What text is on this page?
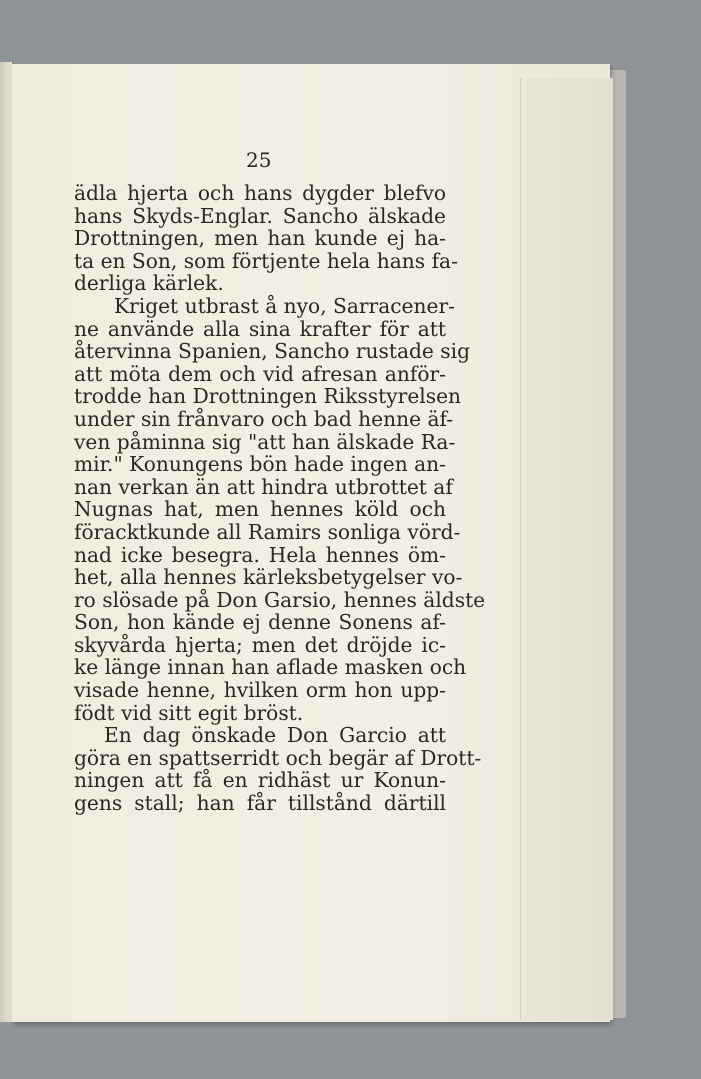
25
ädla hjerta och hans dygder blefvo
hans Skyds-Englar. Sancho älskade
Drottningen, men han kunde ej ha-
ta en Son, som förtjente hela hans fa-
derliga kärlek.
Kriget utbrast å nyo, Sarracener-
ne använde alla sina krafter för att
återvinna Spanien, Sancho rustade sig
att möta dem och vid afresan anför-
trodde han Drottningen Riksstyrelsen
under sin frånvaro och bad henne äf-
ven påminna sig "att han älskade Ra-
mir." Konungens bön hade ingen an-
nan verkan än att hindra utbrottet af
Nugnas hat, men hennes köld och
föracktkunde all Ramirs sonliga vörd-
nad icke besegra. Hela hennes öm-
het, alla hennes kärleksbetygelser vo-
ro slösade på Don Garsio, hennes äldste
Son, hon kände ej denne Sonens af-
skyvårda hjerta; men det dröjde ic-
ke länge innan han aflade masken och
visade henne, hvilken orm hon upp-
födt vid sitt egit bröst.
En dag önskade Don Garcio att
göra en spattserridt och begär af Drott-
ningen att få en ridhäst ur Konun-
gens stall; han får tillstånd därtill
